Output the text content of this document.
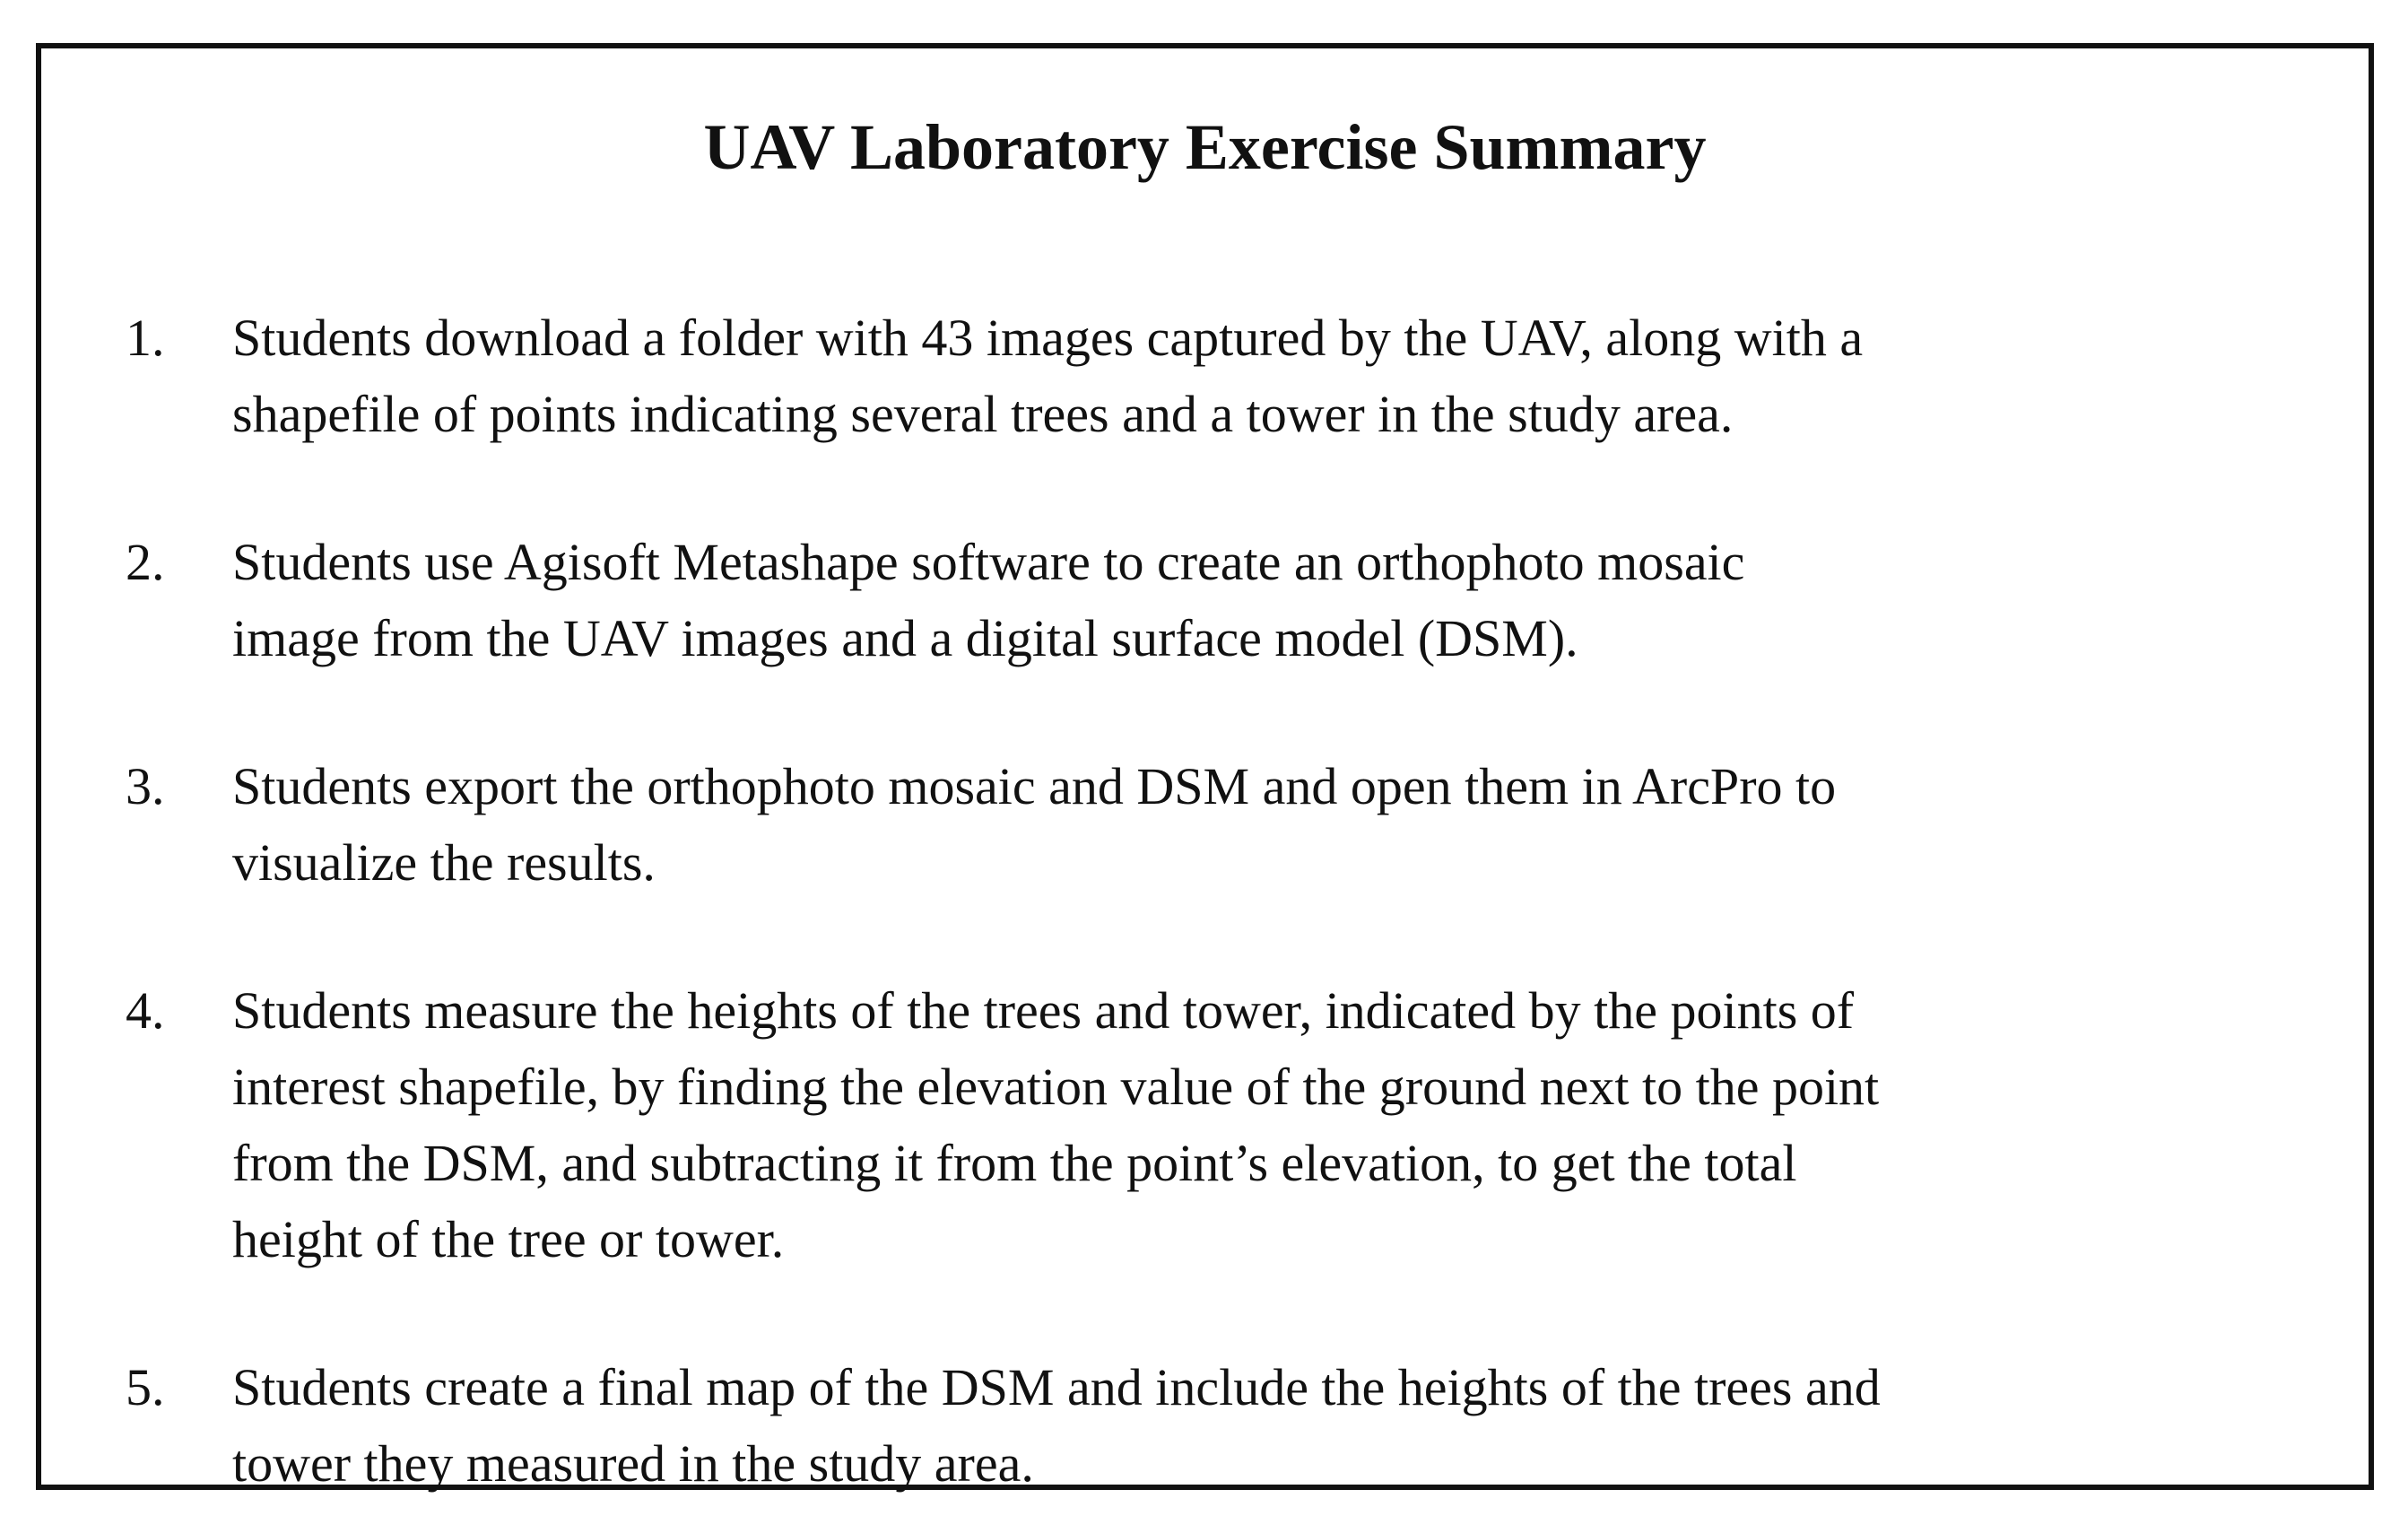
UAV Laboratory Exercise Summary
1. Students download a folder with 43 images captured by the UAV, along with a
shapefile of points indicating several trees and a tower in the study area.
2. Students use Agisoft Metashape software to create an orthophoto mosaic
image from the UAV images and a digital surface model (DSM).
3. Students export the orthophoto mosaic and DSM and open them in ArcPro to
visualize the results.
4. Students measure the heights of the trees and tower, indicated by the points of
interest shapefile, by finding the elevation value of the ground next to the point
from the DSM, and subtracting it from the point’s elevation, to get the total
height of the tree or tower.
5. Students create a final map of the DSM and include the heights of the trees and
tower they measured in the study area.
